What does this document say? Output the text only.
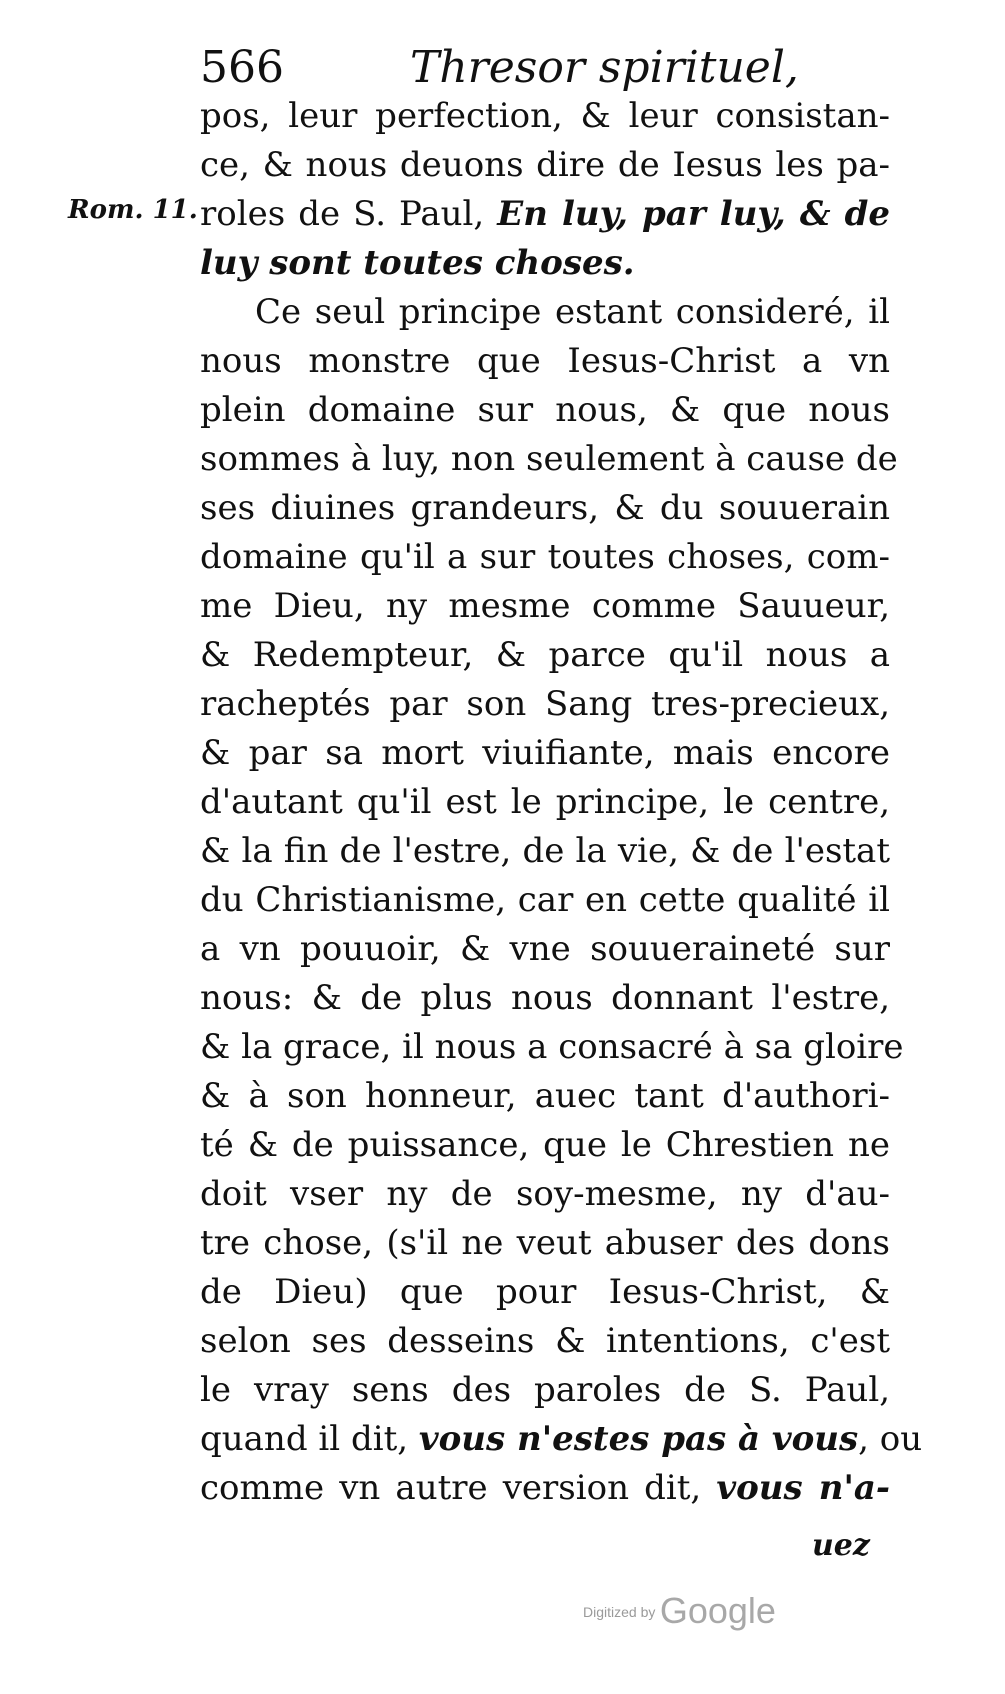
566	Thresor spirituel,
Rom. 11.
pos, leur perfection, & leur consistan-
ce, & nous deuons dire de Iesus les pa-
roles de S. Paul, En luy, par luy, & de
luy sont toutes choses.
Ce seul principe estant consideré, il
nous monstre que Iesus-Christ a vn
plein domaine sur nous, & que nous
sommes à luy, non seulement à cause de
ses diuines grandeurs, & du souuerain
domaine qu'il a sur toutes choses, com-
me Dieu, ny mesme comme Sauueur,
& Redempteur, & parce qu'il nous a
racheptés par son Sang tres-precieux,
& par sa mort viuifiante, mais encore
d'autant qu'il est le principe, le centre,
& la fin de l'estre, de la vie, & de l'estat
du Christianisme, car en cette qualité il
a vn pouuoir, & vne souueraineté sur
nous: & de plus nous donnant l'estre,
& la grace, il nous a consacré à sa gloire
& à son honneur, auec tant d'authori-
té & de puissance, que le Chrestien ne
doit vser ny de soy-mesme, ny d'au-
tre chose, (s'il ne veut abuser des dons
de Dieu) que pour Iesus-Christ, &
selon ses desseins & intentions, c'est
le vray sens des paroles de S. Paul,
quand il dit, vous n'estes pas à vous, ou
comme vn autre version dit, vous n'a-
uez
Digitized by Google
